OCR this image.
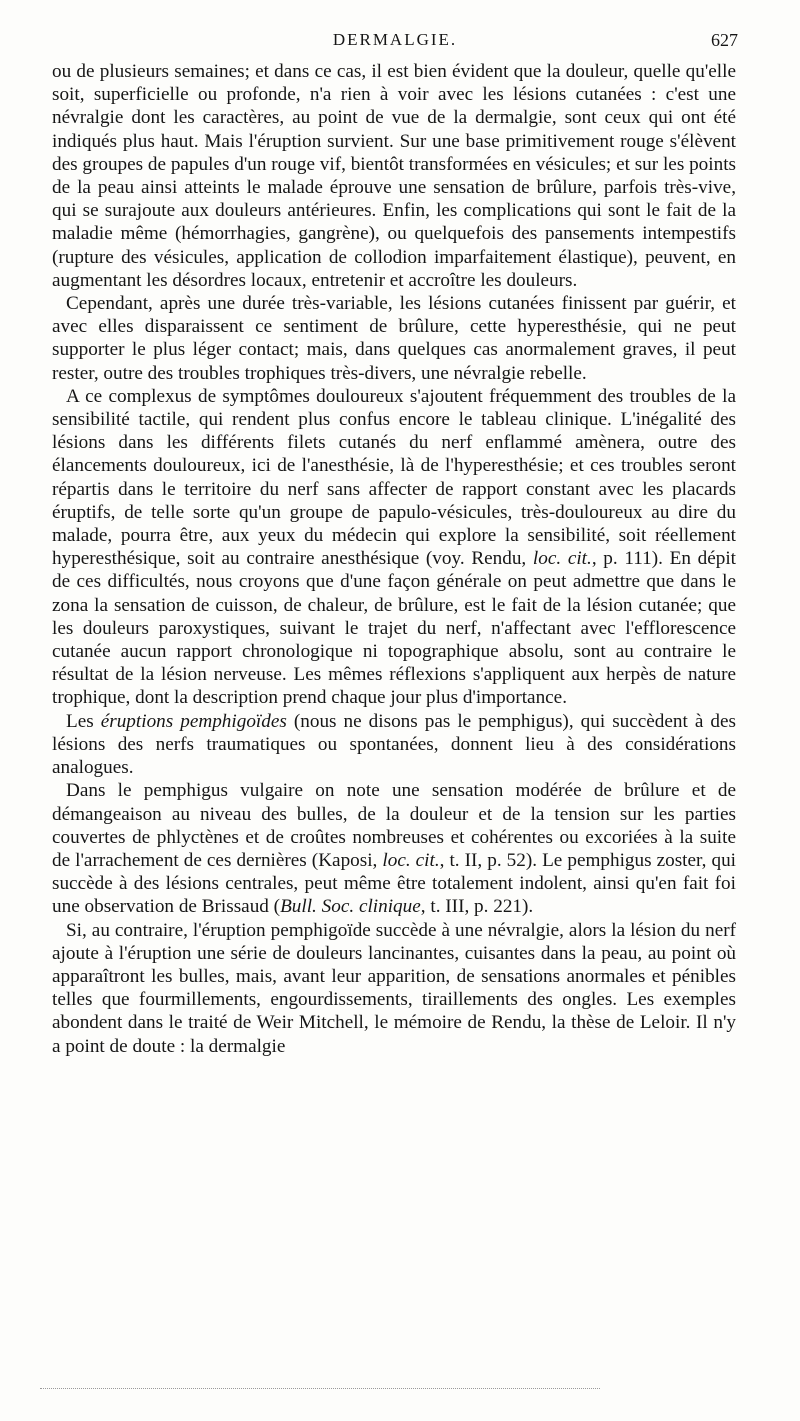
DERMALGIE.	627

ou de plusieurs semaines; et dans ce cas, il est bien évident que la douleur, quelle qu'elle soit, superficielle ou profonde, n'a rien à voir avec les lésions cutanées : c'est une névralgie dont les caractères, au point de vue de la dermalgie, sont ceux qui ont été indiqués plus haut. Mais l'éruption survient. Sur une base primitivement rouge s'élèvent des groupes de papules d'un rouge vif, bientôt transformées en vésicules; et sur les points de la peau ainsi atteints le malade éprouve une sensation de brûlure, parfois très-vive, qui se surajoute aux douleurs antérieures. Enfin, les complications qui sont le fait de la maladie même (hémorrhagies, gangrène), ou quelquefois des pansements intempestifs (rupture des vésicules, application de collodion imparfaitement élastique), peuvent, en augmentant les désordres locaux, entretenir et accroître les douleurs.

Cependant, après une durée très-variable, les lésions cutanées finissent par guérir, et avec elles disparaissent ce sentiment de brûlure, cette hyperesthésie, qui ne peut supporter le plus léger contact; mais, dans quelques cas anormalement graves, il peut rester, outre des troubles trophiques très-divers, une névralgie rebelle.

A ce complexus de symptômes douloureux s'ajoutent fréquemment des troubles de la sensibilité tactile, qui rendent plus confus encore le tableau clinique. L'inégalité des lésions dans les différents filets cutanés du nerf enflammé amènera, outre des élancements douloureux, ici de l'anesthésie, là de l'hyperesthésie; et ces troubles seront répartis dans le territoire du nerf sans affecter de rapport constant avec les placards éruptifs, de telle sorte qu'un groupe de papulo-vésicules, très-douloureux au dire du malade, pourra être, aux yeux du médecin qui explore la sensibilité, soit réellement hyperesthésique, soit au contraire anesthésique (voy. Rendu, loc. cit., p. 111). En dépit de ces difficultés, nous croyons que d'une façon générale on peut admettre que dans le zona la sensation de cuisson, de chaleur, de brûlure, est le fait de la lésion cutanée; que les douleurs paroxystiques, suivant le trajet du nerf, n'affectant avec l'efflorescence cutanée aucun rapport chronologique ni topographique absolu, sont au contraire le résultat de la lésion nerveuse. Les mêmes réflexions s'appliquent aux herpès de nature trophique, dont la description prend chaque jour plus d'importance.

Les éruptions pemphigoïdes (nous ne disons pas le pemphigus), qui succèdent à des lésions des nerfs traumatiques ou spontanées, donnent lieu à des considérations analogues.

Dans le pemphigus vulgaire on note une sensation modérée de brûlure et de démangeaison au niveau des bulles, de la douleur et de la tension sur les parties couvertes de phlyctènes et de croûtes nombreuses et cohérentes ou excoriées à la suite de l'arrachement de ces dernières (Kaposi, loc. cit., t. II, p. 52). Le pemphigus zoster, qui succède à des lésions centrales, peut même être totalement indolent, ainsi qu'en fait foi une observation de Brissaud (Bull. Soc. clinique, t. III, p. 221).

Si, au contraire, l'éruption pemphigoïde succède à une névralgie, alors la lésion du nerf ajoute à l'éruption une série de douleurs lancinantes, cuisantes dans la peau, au point où apparaîtront les bulles, mais, avant leur apparition, de sensations anormales et pénibles telles que fourmillements, engourdissements, tiraillements des ongles. Les exemples abondent dans le traité de Weir Mitchell, le mémoire de Rendu, la thèse de Leloir. Il n'y a point de doute : la dermalgie
